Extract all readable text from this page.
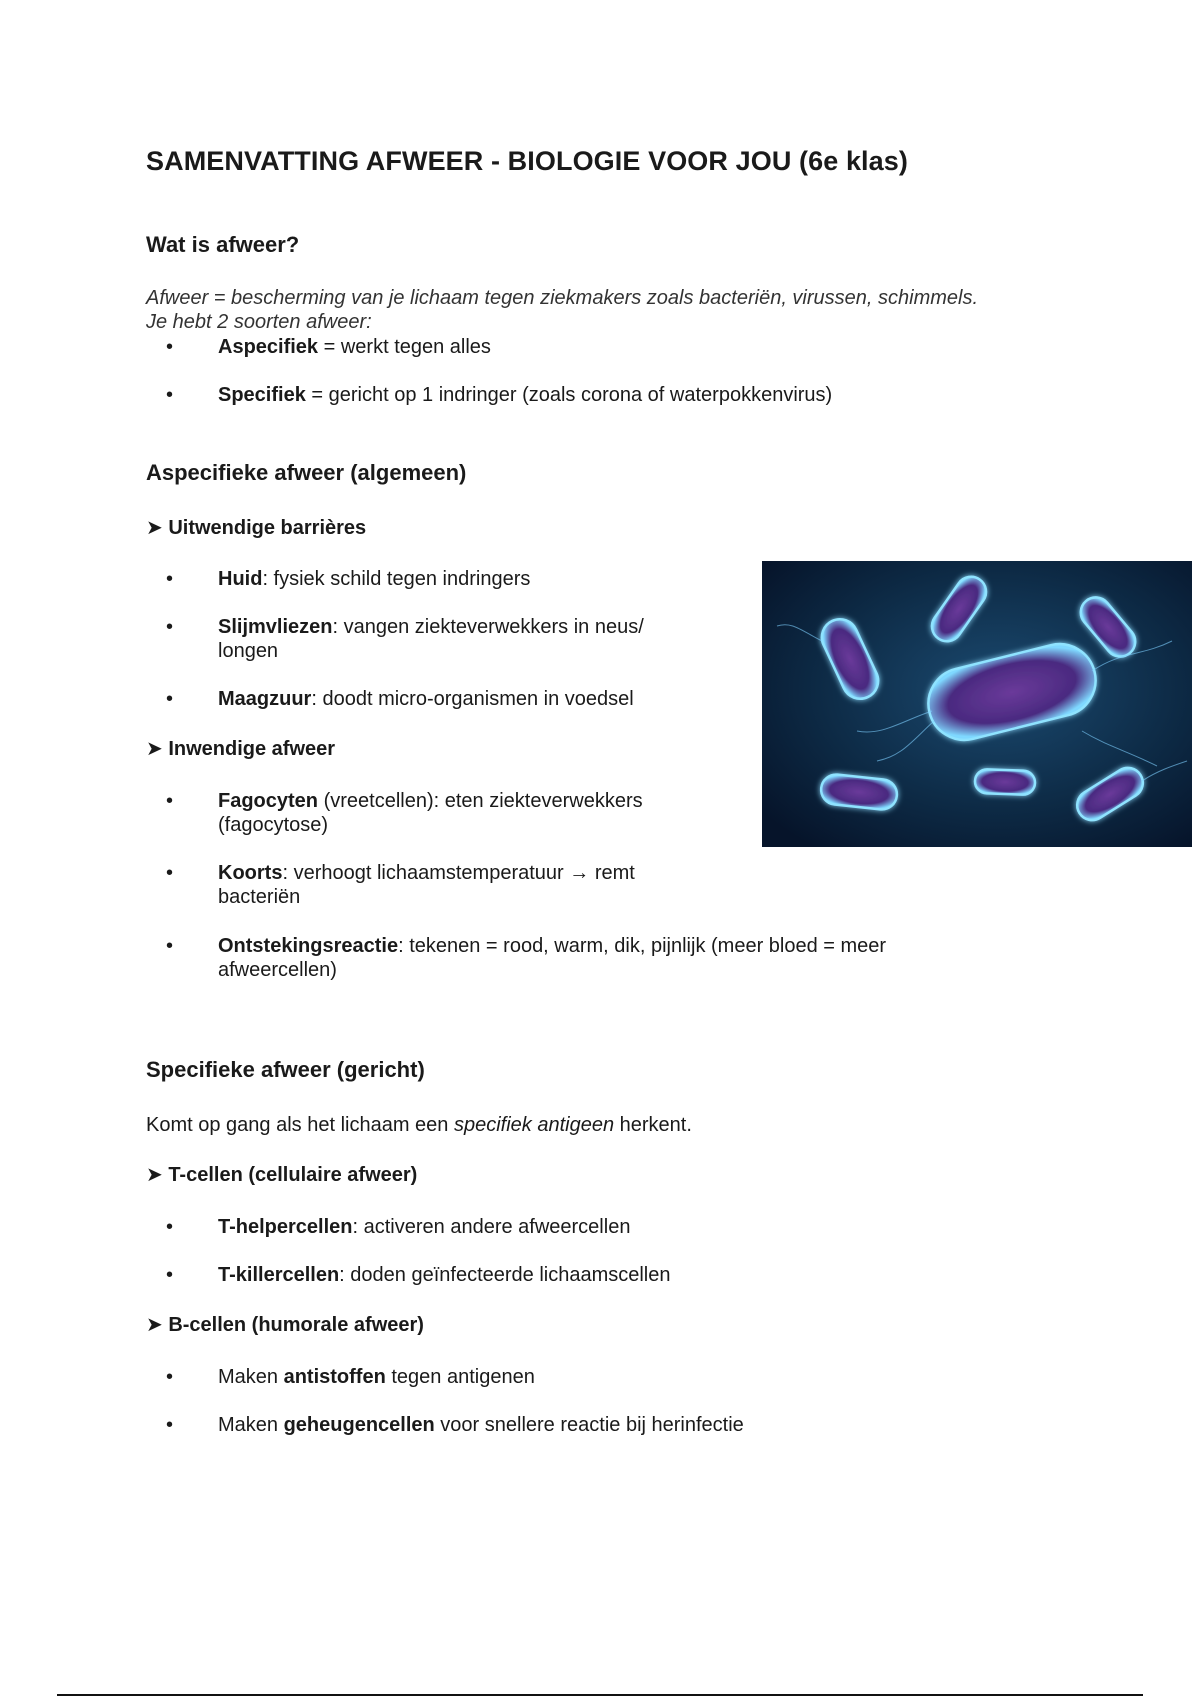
SAMENVATTING AFWEER - BIOLOGIE VOOR JOU (6e klas)
Wat is afweer?
Afweer = bescherming van je lichaam tegen ziekmakers zoals bacteriën, virussen, schimmels.
Je hebt 2 soorten afweer:
• Aspecifiek = werkt tegen alles
• Specifiek = gericht op 1 indringer (zoals corona of waterpokkenvirus)
Aspecifieke afweer (algemeen)
➤ Uitwendige barrières
• Huid: fysiek schild tegen indringers
• Slijmvliezen: vangen ziekteverwekkers in neus/
longen
• Maagzuur: doodt micro-organismen in voedsel
➤ Inwendige afweer
• Fagocyten (vreetcellen): eten ziekteverwekkers
(fagocytose)
• Koorts: verhoogt lichaamstemperatuur → remt
bacteriën
• Ontstekingsreactie: tekenen = rood, warm, dik, pijnlijk (meer bloed = meer
afweercellen)
Specifieke afweer (gericht)
Komt op gang als het lichaam een specifiek antigeen herkent.
➤ T-cellen (cellulaire afweer)
• T-helpercellen: activeren andere afweercellen
• T-killercellen: doden geïnfecteerde lichaamscellen
➤ B-cellen (humorale afweer)
• Maken antistoffen tegen antigenen
• Maken geheugencellen voor snellere reactie bij herinfectie
